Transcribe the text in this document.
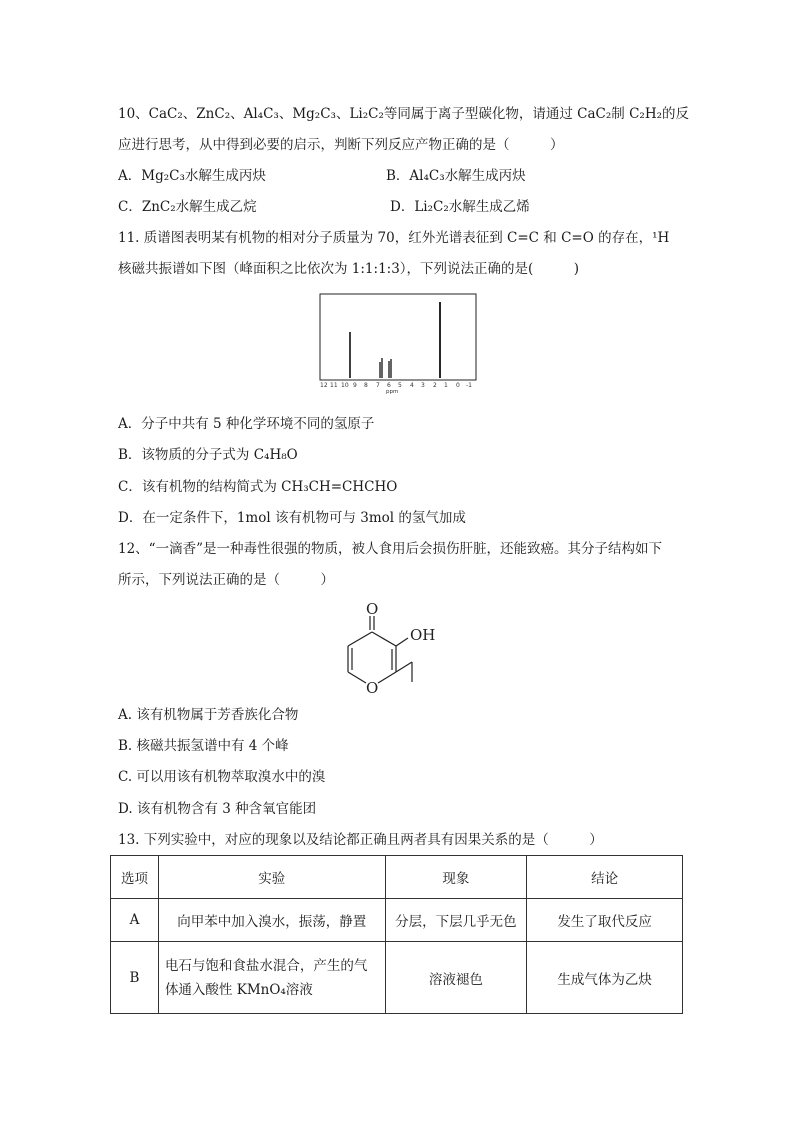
10、CaC₂、ZnC₂、Al₄C₃、Mg₂C₃、Li₂C₂等同属于离子型碳化物，请通过 CaC₂制 C₂H₂的反
应进行思考，从中得到必要的启示，判断下列反应产物正确的是（　　　）
A．Mg₂C₃水解生成丙炔	B．Al₄C₃水解生成丙炔
C．ZnC₂水解生成乙烷	D．Li₂C₂水解生成乙烯
11. 质谱图表明某有机物的相对分子质量为 70，红外光谱表征到 C=C 和 C=O 的存在，¹H
核磁共振谱如下图（峰面积之比依次为 1:1:1:3），下列说法正确的是(　　　)
12 11 10 9 8 7 6 5 4 3 2 1 0 -1
ppm
A．分子中共有 5 种化学环境不同的氢原子
B．该物质的分子式为 C₄H₈O
C．该有机物的结构简式为 CH₃CH=CHCHO
D．在一定条件下，1mol 该有机物可与 3mol 的氢气加成
12、“一滴香”是一种毒性很强的物质，被人食用后会损伤肝脏，还能致癌。其分子结构如下
所示，下列说法正确的是（　　　）
O
OH
O
A. 该有机物属于芳香族化合物
B. 核磁共振氢谱中有 4 个峰
C. 可以用该有机物萃取溴水中的溴
D. 该有机物含有 3 种含氧官能团
13. 下列实验中，对应的现象以及结论都正确且两者具有因果关系的是（　　　）
选项	实验	现象	结论
A	向甲苯中加入溴水，振荡，静置	分层，下层几乎无色	发生了取代反应
B	电石与饱和食盐水混合，产生的气
体通入酸性 KMnO₄溶液	溶液褪色	生成气体为乙炔
